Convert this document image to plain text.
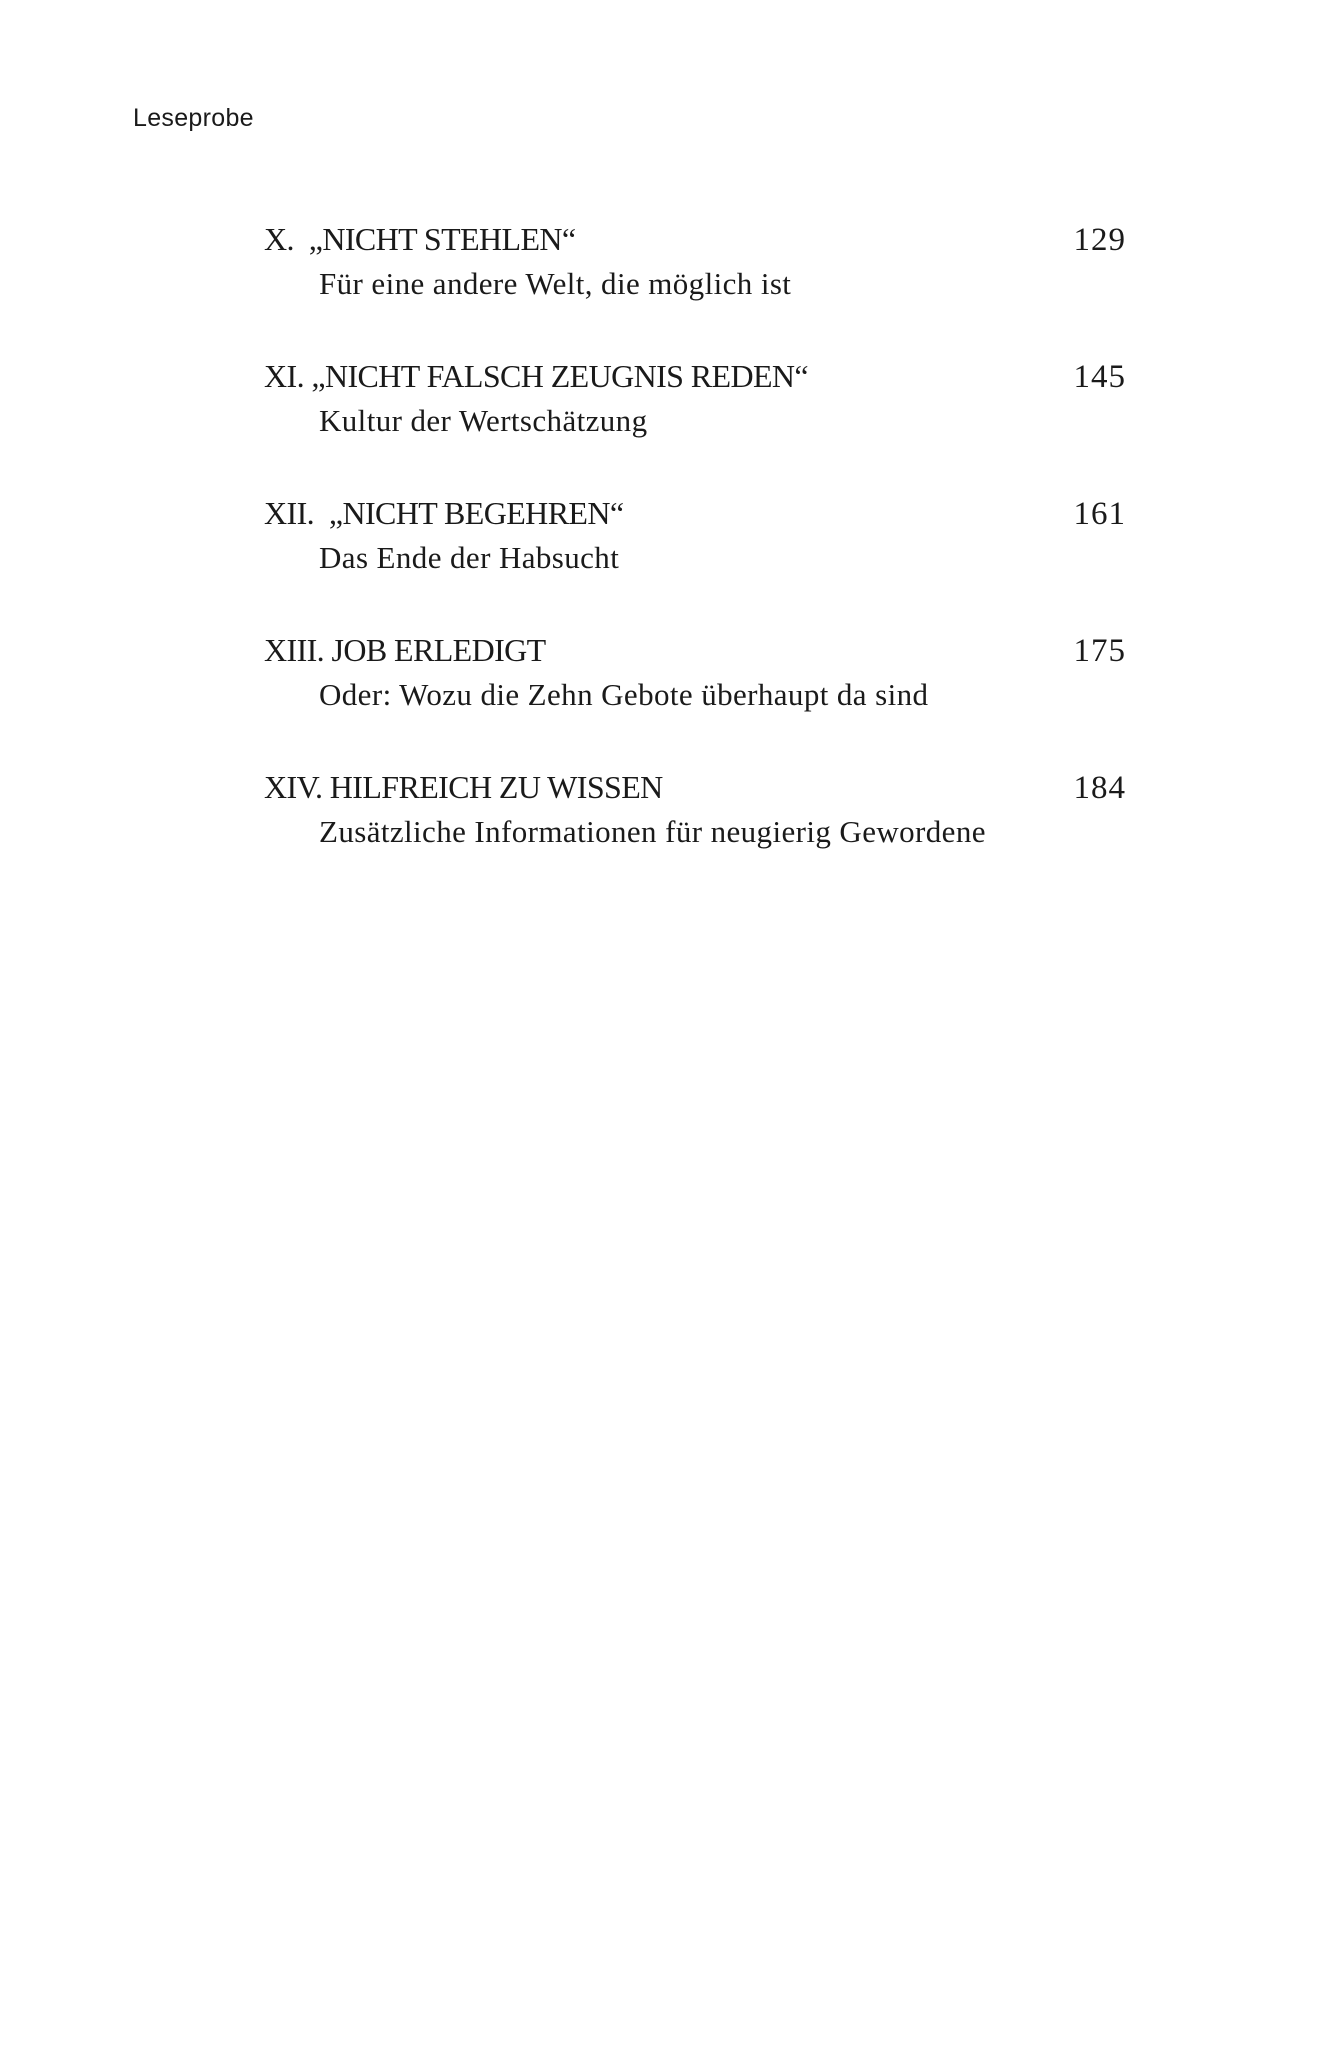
Leseprobe
X. „NICHT STEHLEN“	129
Für eine andere Welt, die möglich ist
XI. „NICHT FALSCH ZEUGNIS REDEN“	145
Kultur der Wertschätzung
XII. „NICHT BEGEHREN“	161
Das Ende der Habsucht
XIII. JOB ERLEDIGT	175
Oder: Wozu die Zehn Gebote überhaupt da sind
XIV. HILFREICH ZU WISSEN	184
Zusätzliche Informationen für neugierig Gewordene
